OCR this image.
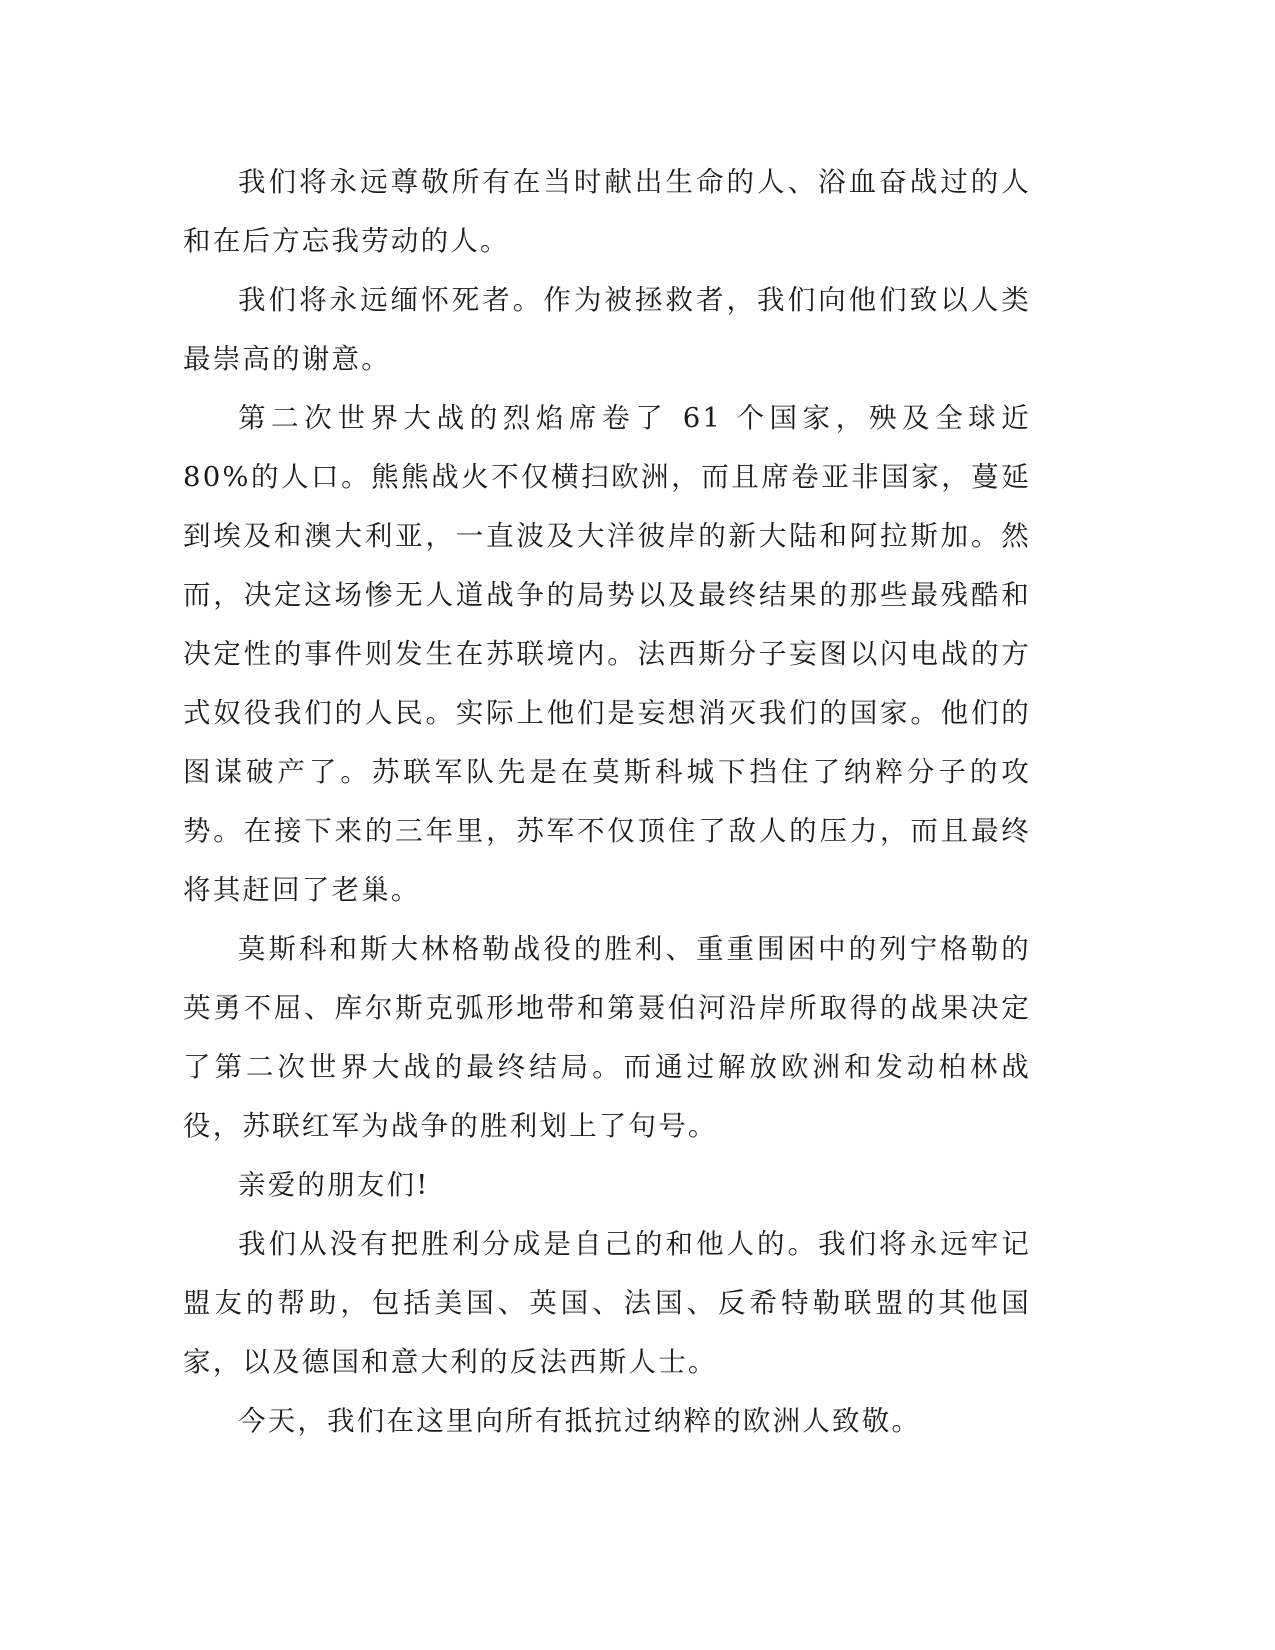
我们将永远尊敬所有在当时献出生命的人、浴血奋战过的人和在后方忘我劳动的人。

我们将永远缅怀死者。作为被拯救者，我们向他们致以人类最崇高的谢意。

第二次世界大战的烈焰席卷了 61 个国家，殃及全球近 80%的人口。熊熊战火不仅横扫欧洲，而且席卷亚非国家，蔓延到埃及和澳大利亚，一直波及大洋彼岸的新大陆和阿拉斯加。然而，决定这场惨无人道战争的局势以及最终结果的那些最残酷和决定性的事件则发生在苏联境内。法西斯分子妄图以闪电战的方式奴役我们的人民。实际上他们是妄想消灭我们的国家。他们的图谋破产了。苏联军队先是在莫斯科城下挡住了纳粹分子的攻势。在接下来的三年里，苏军不仅顶住了敌人的压力，而且最终将其赶回了老巢。

莫斯科和斯大林格勒战役的胜利、重重围困中的列宁格勒的英勇不屈、库尔斯克弧形地带和第聂伯河沿岸所取得的战果决定了第二次世界大战的最终结局。而通过解放欧洲和发动柏林战役，苏联红军为战争的胜利划上了句号。

亲爱的朋友们!

我们从没有把胜利分成是自己的和他人的。我们将永远牢记盟友的帮助，包括美国、英国、法国、反希特勒联盟的其他国家，以及德国和意大利的反法西斯人士。

今天，我们在这里向所有抵抗过纳粹的欧洲人致敬。
